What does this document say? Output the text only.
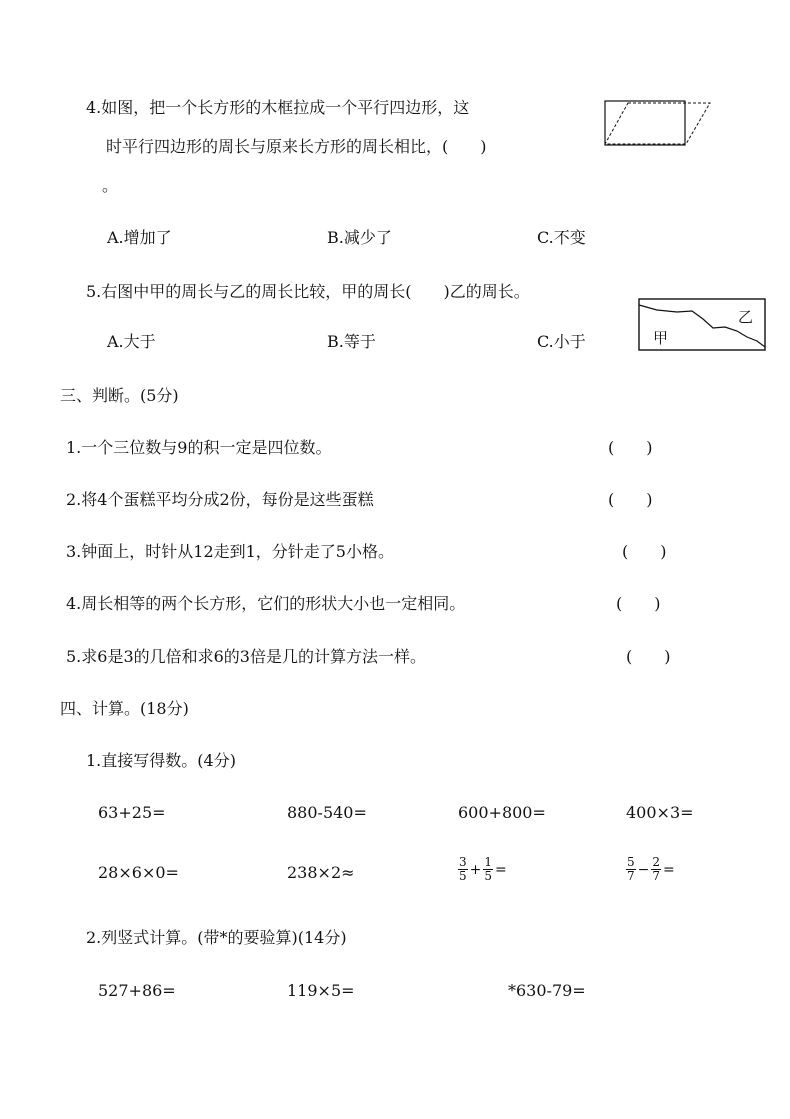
4.如图，把一个长方形的木框拉成一个平行四边形，这
时平行四边形的周长与原来长方形的周长相比，(　　)
。
A.增加了	B.减少了	C.不变
5.右图中甲的周长与乙的周长比较，甲的周长(　　)乙的周长。
A.大于	B.等于	C.小于	甲
乙
三、判断。(5分)
1.一个三位数与9的积一定是四位数。	(　　)
2.将4个蛋糕平均分成2份，每份是这些蛋糕	(　　)
3.钟面上，时针从12走到1，分针走了5小格。	(　　)
4.周长相等的两个长方形，它们的形状大小也一定相同。	(　　)
5.求6是3的几倍和求6的3倍是几的计算方法一样。	(　　)
四、计算。(18分)
1.直接写得数。(4分)
63+25=	880-540=	600+800=	400×3=
28×6×0=	238×2≈	$\frac{3}{5} + \frac{1}{5}$ =	$\frac{5}{7} - \frac{2}{7}$ =
2.列竖式计算。(带*的要验算)(14分)
527+86=	119×5=	*630-79=
